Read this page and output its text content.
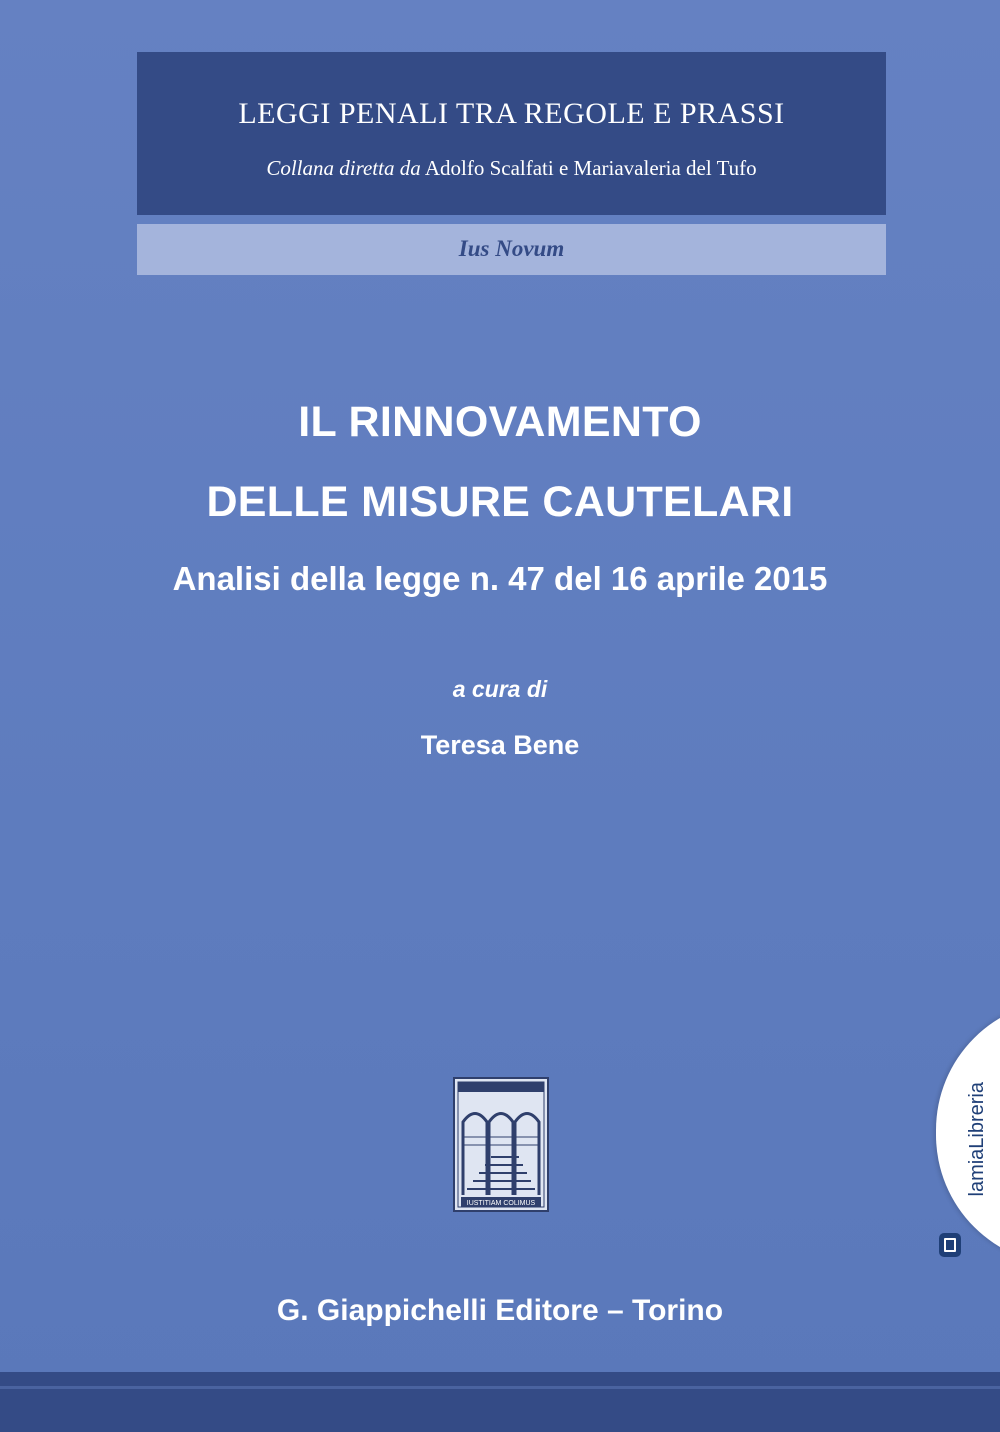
LEGGI PENALI TRA REGOLE E PRASSI
Collana diretta da Adolfo Scalfati e Mariavaleria del Tufo
Ius Novum
IL RINNOVAMENTO
DELLE MISURE CAUTELARI
Analisi della legge n. 47 del 16 aprile 2015
a cura di
Teresa Bene
IUSTITIAM COLIMUS
G. Giappichelli Editore – Torino
lamiaLibreria
